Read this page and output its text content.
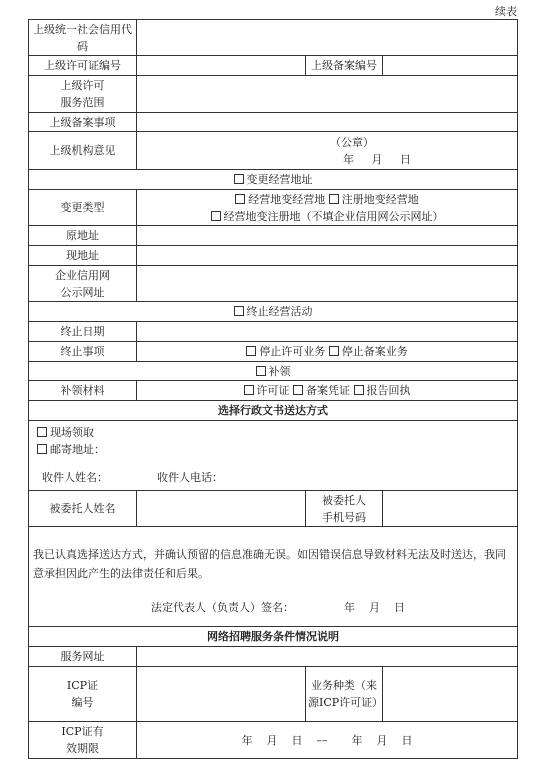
续表
上级统一社会信用代码			
上级许可证编号		上级备案编号	

上级许可服务范围			

上级备案事项			
上级机构意见	（公章）
年 月 日		

变更经营地址			
变更类型	经营地变经营地 注册地变经营地
经营地变注册地（不填企业信用网公示网址）		

原地址			
现地址			

企业信用网公示网址			

终止经营活动			
终止日期			
终止事项	停止许可业务 停止备案业务		
补领			
补领材料	许可证 备案凭证 报告回执		
选择行政文书送达方式			

现场领取
邮寄地址：
收件人姓名： 收件人电话：			

被委托人姓名		被委托人手机号码	

我已认真选择送达方式，并确认预留的信息准确无误。如因错误信息导致材料无法及时送达，我同意承担因此产生的法律责任和后果。
法定代表人（负责人）签名： 年 月 日			

网络招聘服务条件情况说明			
服务网址			

ICP证编号		业务种类（来源ICP许可证）	

ICP证有效期限	年 月 日 –– 年 月 日		
